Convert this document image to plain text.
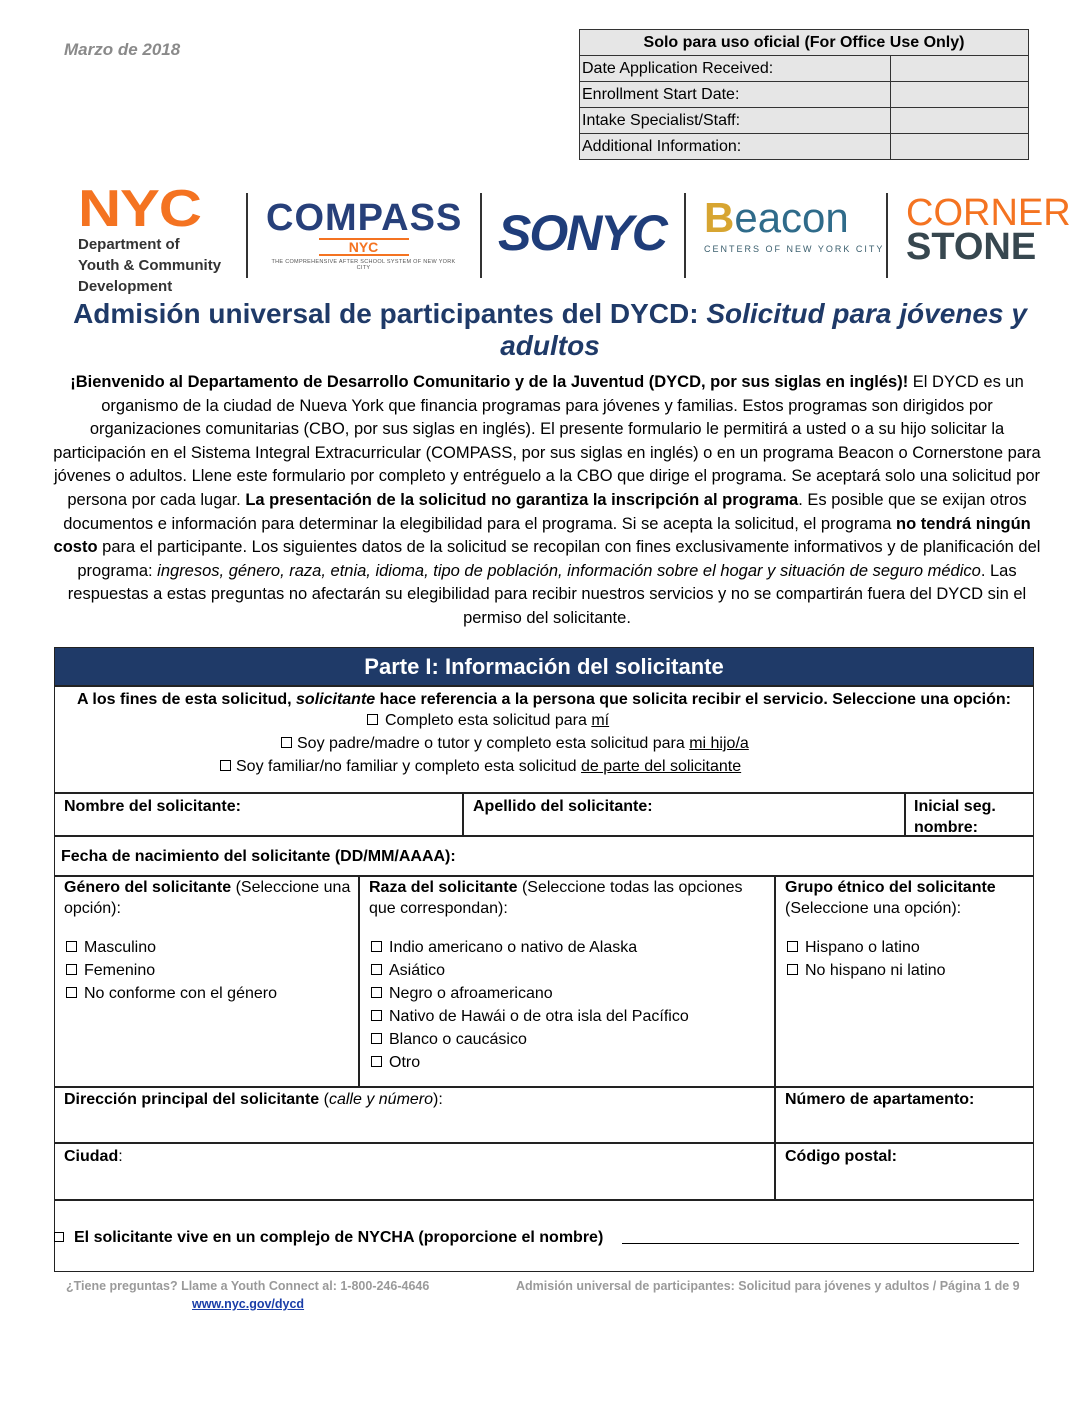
Marzo de 2018	Solo para uso oficial (For Office Use Only)	
Date Application Received:	
Enrollment Start Date:	
Intake Specialist/Staff:	
Additional Information:	
NYC
Department of
Youth & Community
Development
COMPASS
NYC
THE COMPREHENSIVE AFTER SCHOOL SYSTEM OF NEW YORK CITY
SONYC Beacon
CENTERS OF NEW YORK CITY
CORNER
STONE
Admisión universal de participantes del DYCD: Solicitud para jóvenes y adultos
¡Bienvenido al Departamento de Desarrollo Comunitario y de la Juventud (DYCD, por sus siglas en inglés)! El DYCD es un organismo de la ciudad de Nueva York que financia programas para jóvenes y familias. Estos programas son dirigidos por organizaciones comunitarias (CBO, por sus siglas en inglés). El presente formulario le permitirá a usted o a su hijo solicitar la participación en el Sistema Integral Extracurricular (COMPASS, por sus siglas en inglés) o en un programa Beacon o Cornerstone para jóvenes o adultos. Llene este formulario por completo y entréguelo a la CBO que dirige el programa. Se aceptará solo una solicitud por persona por cada lugar. La presentación de la solicitud no garantiza la inscripción al programa. Es posible que se exijan otros documentos e información para determinar la elegibilidad para el programa. Si se acepta la solicitud, el programa no tendrá ningún costo para el participante. Los siguientes datos de la solicitud se recopilan con fines exclusivamente informativos y de planificación del programa: ingresos, género, raza, etnia, idioma, tipo de población, información sobre el hogar y situación de seguro médico. Las respuestas a estas preguntas no afectarán su elegibilidad para recibir nuestros servicios y no se compartirán fuera del DYCD sin el permiso del solicitante.
Parte I: Información del solicitante
A los fines de esta solicitud, solicitante hace referencia a la persona que solicita recibir el servicio. Seleccione una opción:
Completo esta solicitud para mí
Soy padre/madre o tutor y completo esta solicitud para mi hijo/a
Soy familiar/no familiar y completo esta solicitud de parte del solicitante
Nombre del solicitante:	Apellido del solicitante:	Inicial seg. nombre:
Fecha de nacimiento del solicitante (DD/MM/AAAA):
Género del solicitante (Seleccione una opción):
Masculino
Femenino
No conforme con el género
Raza del solicitante (Seleccione todas las opciones que correspondan):
Indio americano o nativo de Alaska
Asiático
Negro o afroamericano
Nativo de Hawái o de otra isla del Pacífico
Blanco o caucásico
Otro
Grupo étnico del solicitante (Seleccione una opción):
Hispano o latino
No hispano ni latino
Dirección principal del solicitante (calle y número):	Número de apartamento:
Ciudad:	Código postal:
El solicitante vive en un complejo de NYCHA (proporcione el nombre)
¿Tiene preguntas? Llame a Youth Connect al: 1-800-246-4646
www.nyc.gov/dycd
Admisión universal de participantes: Solicitud para jóvenes y adultos / Página 1 de 9
